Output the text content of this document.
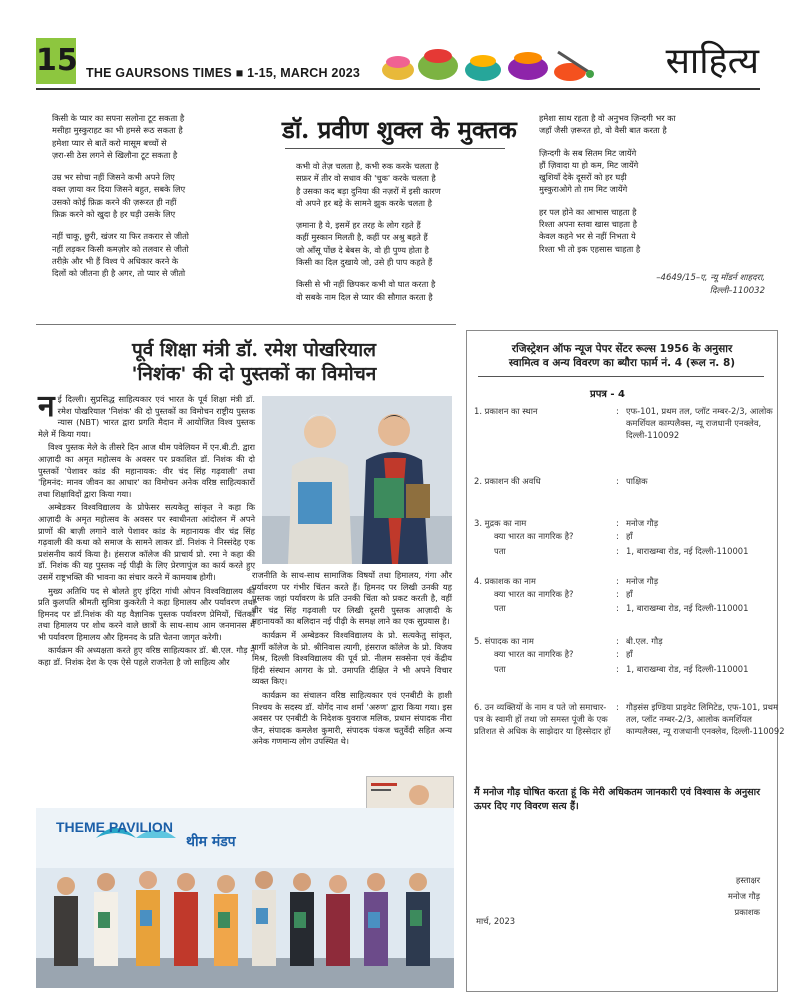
15 THE GAURSONS TIMES ■ 1-15, MARCH 2023	साहित्य

किसी के प्यार का सपना सलोना टूट सकता है

मसीहा मुस्कुराहट का भी हमसे रूठ सकता है

हमेशा प्यार से बातें करो मासूम बच्चों से

ज़रा-सी ठेस लगने से खिलौना टूट सकता है

उम्र भर सोचा नहीं जिसने कभी अपने लिए

वक्त ज़ाया कर दिया जिसने बहुत, सबके लिए

उसको कोई फ़िक्र करने की ज़रूरत ही नहीं

फ़िक्र करने को खुदा है हर घड़ी उसके लिए

नहीं चाकू, छुरी, खंजर या फिर तकरार से जीतो

नहीं लड़कर किसी कमज़ोर को तलवार से जीतो

तरीक़े और भी हैं विश्व पे अधिकार करने के

दिलों को जीतना ही है अगर, तो प्यार से जीतो

डॉ. प्रवीण शुक्ल के मुक्तक

कभी वो तेज़ चलता है, कभी रुक करके चलता है

सफ़र में तीर वो सधाव की 'चुक' करके चलता है

है उसका कद बड़ा दुनिया की नज़रों में इसी कारण

वो अपने हर बड़े के सामने झुक करके चलता है

ज़माना है ये, इसमें हर तरह के लोग रहते हैं

कहीं मुस्कान मिलती है, कहीं पर अश्रु बहते हैं

जो आँसू पोंछ दे बेबस के, वो ही पुण्य होता है

किसी का दिल दुखाये जो, उसे ही पाप कहते हैं

किसी से भी नहीं छिपकर कभी वो घात करता है

वो सबके नाम दिल से प्यार की सौगात करता है

हमेशा साथ रहता है वो अनुभव ज़िन्दगी भर का

जहाँ जैसी ज़रूरत हो, वो वैसी बात करता है

ज़िन्दगी के सब सितम मिट जायेंगे

हौं ज़िवादा या हो कम, मिट जायेंगे

खुशियाँ देके दूसरों को हर घड़ी

मुस्कुराओगे तो ग़म मिट जायेंगे

हर पल होने का आभास चाहता है

रिश्ता अपना स्तवा खास चाहता है

केवल कहने भर से नहीं निभता ये

रिश्ता भी तो इक एहसास चाहता है

–4649/15–ए, न्यू मॉडर्न शाहदरा,
दिल्ली–110032
पूर्व शिक्षा मंत्री डॉ. रमेश पोखरियाल
'निशंक' की दो पुस्तकों का विमोचन

नई दिल्ली। सुप्रसिद्ध साहित्यकार एवं भारत के पूर्व शिक्षा मंत्री डॉ. रमेश पोखरियाल 'निशंक' की दो पुस्तकों का विमोचन राष्ट्रीय पुस्तक न्यास (NBT) भारत द्वारा प्रगति मैदान में आयोजित विश्व पुस्तक मेले में किया गया।

विश्व पुस्तक मेले के तीसरे दिन आज थीम पवेलियन में एन.बी.टी. द्वारा आज़ादी का अमृत महोत्सव के अवसर पर प्रकाशित डॉ. निशंक की दो पुस्तकों 'पेशावर कांड की महानायक: वीर चंद सिंह गढ़वाली' तथा 'हिमनंद: मानव जीवन का आधार' का विमोचन अनेक वरिष्ठ साहित्यकारों तथा शिक्षाविदों द्वारा किया गया।

अम्बेडकर विश्वविद्यालय के प्रोफेसर सत्यकेतु सांकृत ने कहा कि आज़ादी के अमृत महोत्सव के अवसर पर स्वाधीनता आंदोलन में अपने प्राणों की बाज़ी लगाने वाले पेशावर कांड के महानायक वीर चंद्र सिंह गढ़वाली की कथा को समाज के सामने लाकर डॉ. निशंक ने निस्संदेह एक प्रशंसनीय कार्य किया है। हंसराज कॉलेज की प्राचार्य प्रो. रमा ने कहा की डॉ. निशंक की यह पुस्तक नई पीढ़ी के लिए प्रेरणापुंज का कार्य करते हुए उसमें राष्ट्रभक्ति की भावना का संचार करने में कामयाब होगी।

मुख्य अतिथि पद से बोलते हुए इंदिरा गांधी ओपन विश्वविद्यालय की प्रति कुलपति श्रीमती सुमित्रा कुकरेती ने कहा हिमालय और पर्यावरण तथा हिमनद पर डॉ.निशंक की यह वैज्ञानिक पुस्तक पर्यावरण प्रेमियों, चिंतकों तथा हिमालय पर शोध करने वाले छात्रों के साथ-साथ आम जनमानस में भी पर्यावरण हिमालय और हिमनद के प्रति चेतना जागृत करेगी।

कार्यक्रम की अध्यक्षता करते हुए वरिष्ठ साहित्यकार डॉ. बी.एल. गौड़ ने कहा डॉ. निशंक देश के एक ऐसे पहले राजनेता है जो साहित्य और

राजनीति के साथ-साथ सामाजिक विषयों तथा हिमालय, गंगा और पर्यावरण पर गंभीर चिंतन करते हैं। हिमनद पर लिखी उनकी यह पुस्तक जहां पर्यावरण के प्रति उनकी चिंता को प्रकट करती है, वहीं वीर चंद्र सिंह गढ़वाली पर लिखी दूसरी पुस्तक आज़ादी के महानायकों का बलिदान नई पीढ़ी के समक्ष लाने का एक सुप्रयास है।

कार्यक्रम में अम्बेडकर विश्वविद्यालय के प्रो. सत्यकेतु सांकृत, गार्गी कॉलेज के प्रो. श्रीनिवास त्यागी, हंसराज कॉलेज के प्रो. विजय मिश्र, दिल्ली विश्वविद्यालय की पूर्व प्रो. नीलम सक्सेना एवं केंद्रीय हिंदी संस्थान आगरा के प्रो. उमापति दीक्षित ने भी अपने विचार व्यक्त किए।

कार्यक्रम का संचालन वरिष्ठ साहित्यकार एवं एनबीटी के हाशी निश्चय के सदस्य डॉ. योगेंद नाथ शर्मा 'अरुण' द्वारा किया गया। इस अवसर पर एनबीटी के निदेशक युवराज मलिक, प्रधान संपादक नीरा जैन, संपादक कमलेश कुमारी, संपादक पंकज चतुर्वेदी सहित अन्य अनेक गणमान्य लोग उपस्थित थे।

THEME PAVILION
थीम मंडप
रजिस्ट्रेशन ऑफ न्यूज पेपर सेंटर रूल्स 1956 के अनुसार
स्वामित्व व अन्य विवरण का ब्यौरा फार्म नं. 4 (रूल न. 8)
प्रपत्र - 4
1. प्रकाशन का स्थान	: एफ-101, प्रथम तल, प्लॉट नम्बर-2/3, आलोक कमर्शियल काम्पलैक्स, न्यू राजधानी एनक्लेव, दिल्ली-110092
2. प्रकाशन की अवधि	: पाक्षिक
3. मुद्रक का नाम	: मनोज गौड़
क्या भारत का नागरिक है?	: हाँ
पता	: 1, बाराखम्बा रोड, नई दिल्ली-110001
4. प्रकाशक का नाम	: मनोज गौड़
क्या भारत का नागरिक है?	: हाँ
पता	: 1, बाराखम्बा रोड, नई दिल्ली-110001
5. संपादक का नाम	: बी.एल. गौड़
क्या भारत का नागरिक है?	: हाँ
पता	: 1, बाराखम्बा रोड, नई दिल्ली-110001
6. उन व्यक्तियों के नाम व पते जो समाचार-पत्र के स्वामी हों तथा जो समस्त पूंजी के एक प्रतिशत से अधिक के साझेदार या हिस्सेदार हों
: गौड़संस इण्डिया प्राइवेट लिमिटेड, एफ-101, प्रथम तल, प्लॉट नम्बर-2/3, आलोक कमर्शियल काम्पलैक्स, न्यू राजधानी एनक्लेव, दिल्ली-110092
मैं मनोज गौड़ घोषित करता हूं कि मेरी अधिकतम जानकारी एवं विश्वास के अनुसार ऊपर दिए गए विवरण सत्य हैं।
हस्ताक्षर
मनोज गौड़
प्रकाशक
मार्च, 2023
